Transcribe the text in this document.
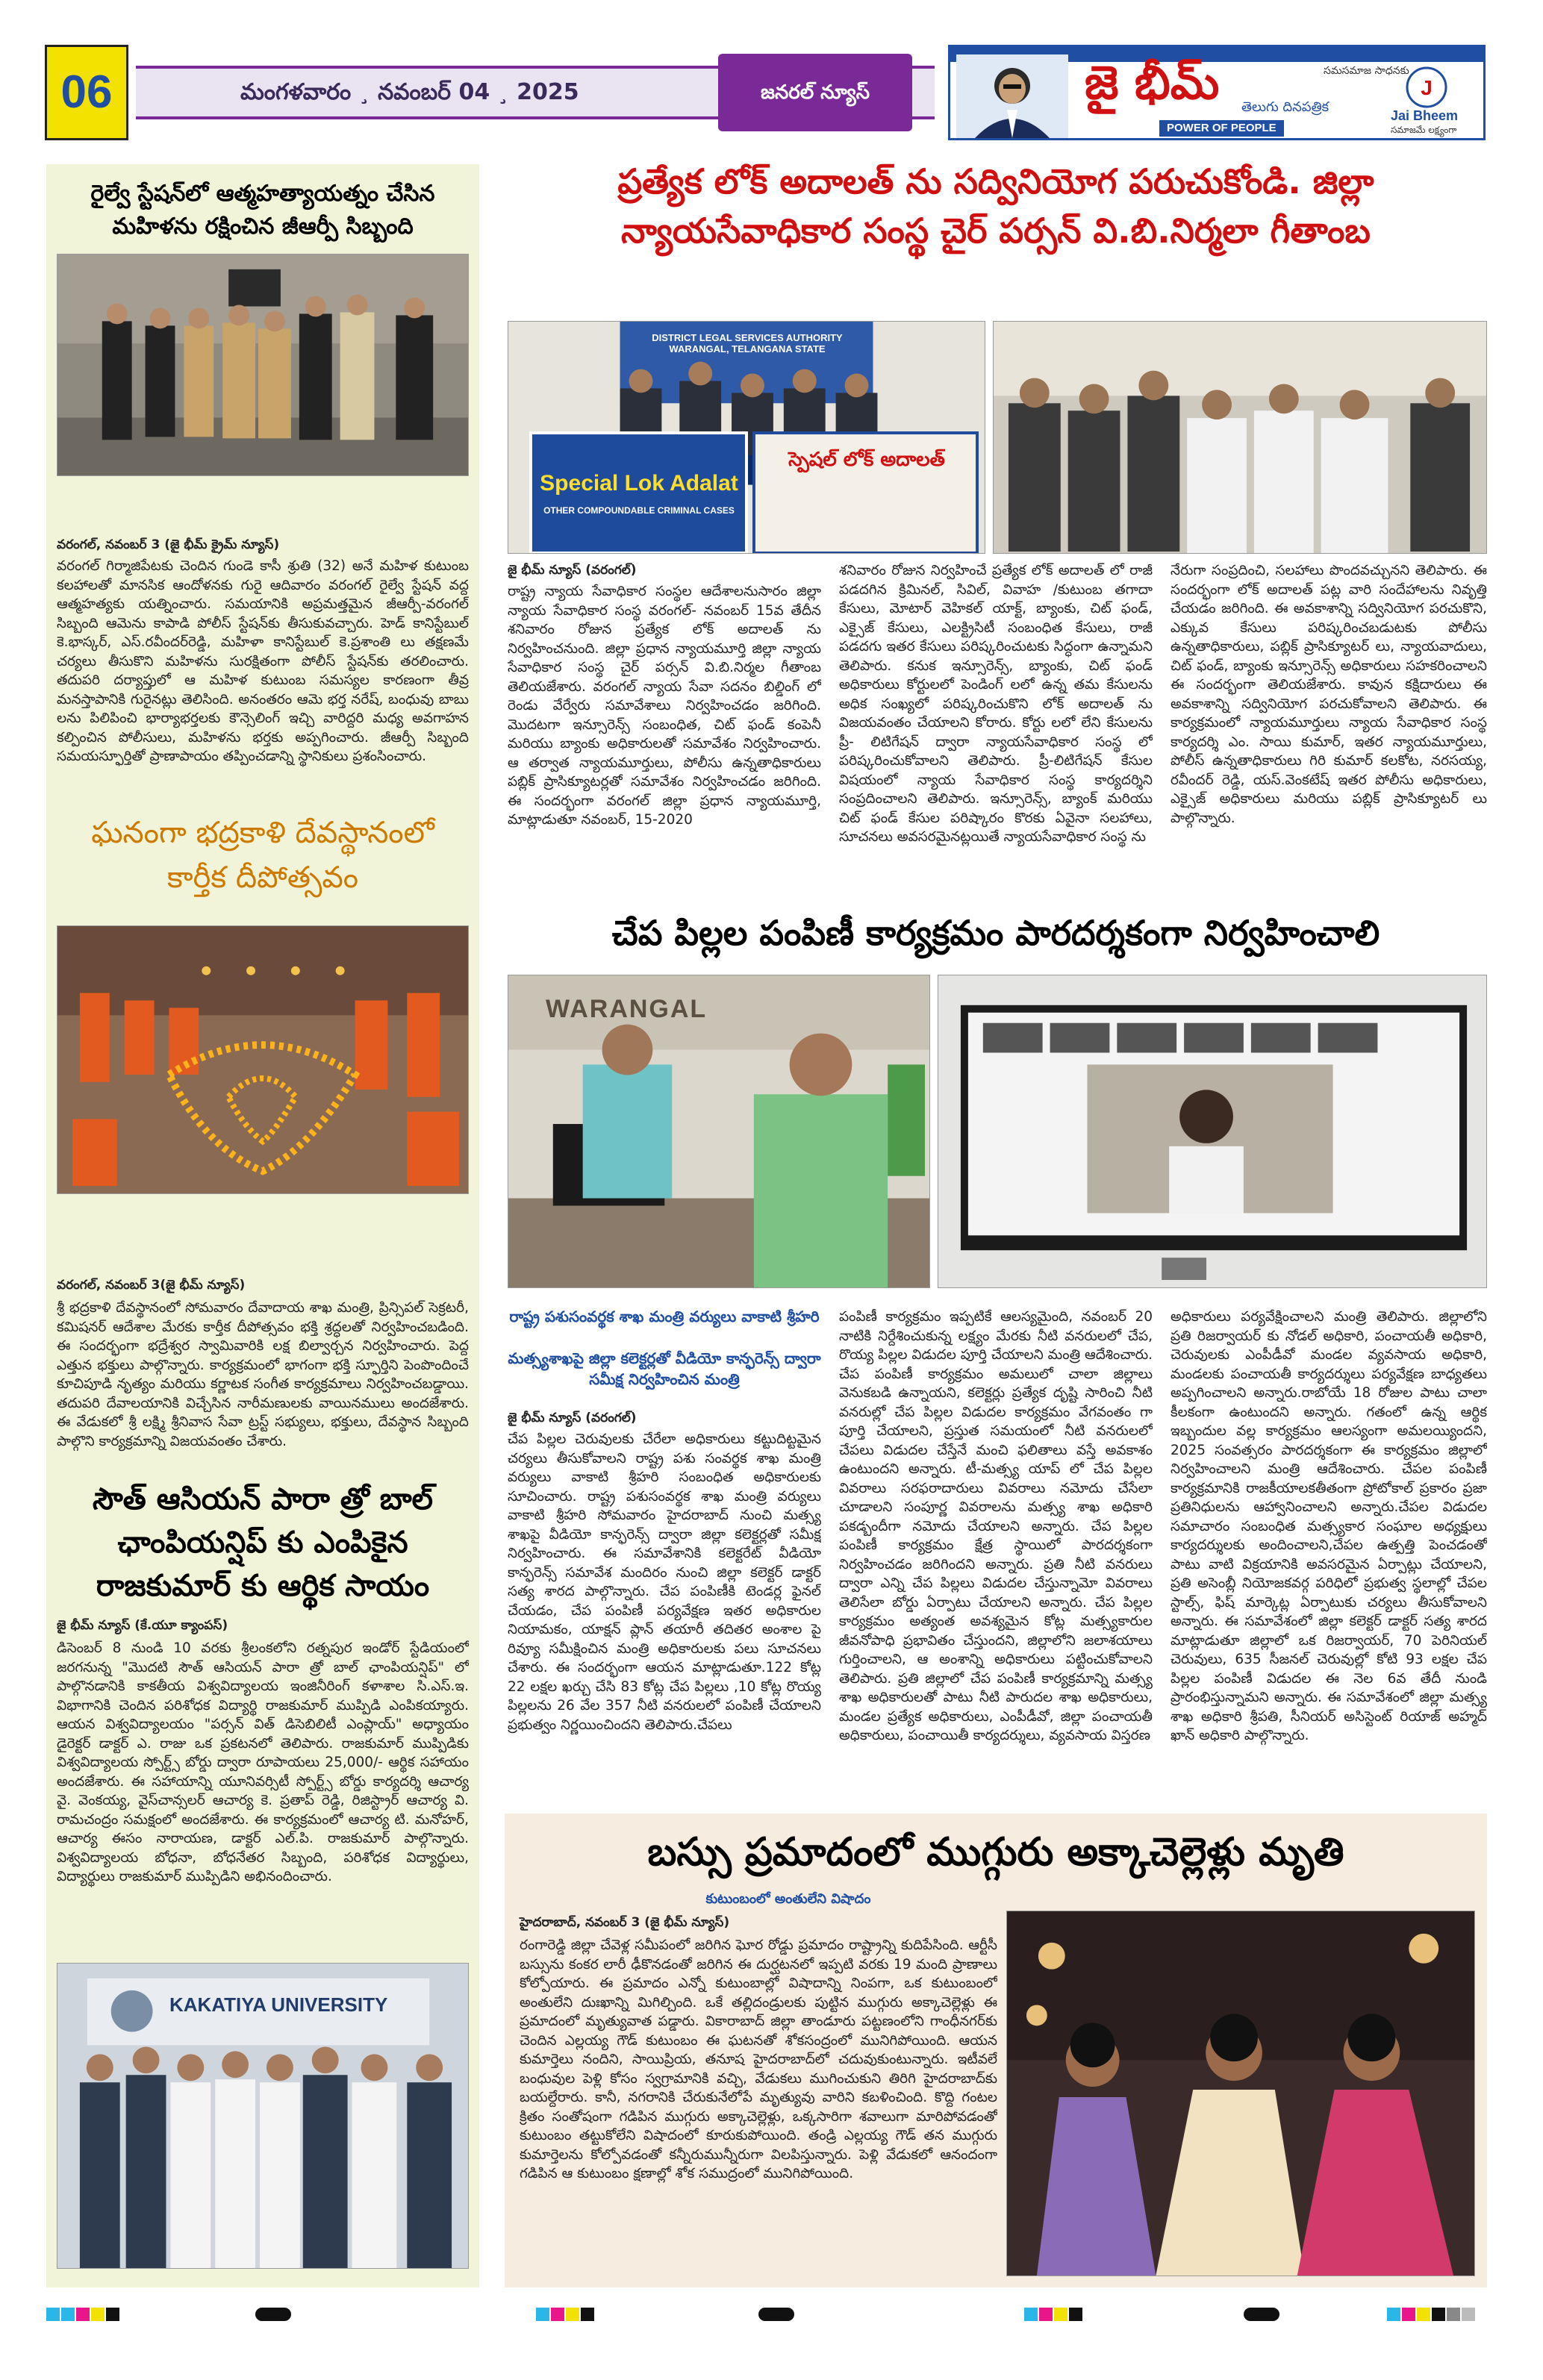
06	మంగళవారం ¸ నవంబర్ 04 ¸ 2025	జనరల్ న్యూస్	జై భీమ్	సమసమాజ సాధనకు
తెలుగు దినపత్రిక
POWER OF PEOPLE
J
Jai Bheem
సమాజమే లక్ష్యంగా
రైల్వే స్టేషన్‌లో ఆత్మహత్యాయత్నం చేసిన మహిళను రక్షించిన జీఆర్పీ సిబ్బంది
వరంగల్, నవంబర్ 3 (జై భీమ్ క్రైమ్ న్యూస్)
వరంగల్ గిర్మాజిపేటకు చెందిన గుండె కాసీ శ్రుతి (32) అనే మహిళ కుటుంబ కలహాలతో మానసిక ఆందోళనకు గురై ఆదివారం వరంగల్ రైల్వే స్టేషన్ వద్ద ఆత్మహత్యకు యత్నించారు. సమయానికి అప్రమత్తమైన జీఆర్పీ-వరంగల్ సిబ్బంది ఆమెను కాపాడి పోలీస్ స్టేషన్‌కు తీసుకువచ్చారు. హెడ్ కానిస్టేబుల్ కె.భాస్కర్, ఎస్.రవీందర్‌రెడ్డి, మహిళా కానిస్టేబుల్ కె.ప్రశాంతి లు తక్షణమే చర్యలు తీసుకొని మహిళను సురక్షితంగా పోలీస్ స్టేషన్‌కు తరలించారు. తదుపరి దర్యాప్తులో ఆ మహిళ కుటుంబ సమస్యల కారణంగా తీవ్ర మనస్తాపానికి గురైనట్లు తెలిసింది. అనంతరం ఆమె భర్త నరేష్, బంధువు బాబు లను పిలిపించి భార్యాభర్తలకు కౌన్సెలింగ్ ఇచ్చి వారిద్దరి మధ్య అవగాహన కల్పించిన పోలీసులు, మహిళను భర్తకు అప్పగించారు. జీఆర్పీ సిబ్బంది సమయస్ఫూర్తితో ప్రాణాపాయం తప్పించడాన్ని స్థానికులు ప్రశంసించారు.
ఘనంగా భద్రకాళి దేవస్థానంలో కార్తీక దీపోత్సవం
వరంగల్, నవంబర్ 3(జై భీమ్ న్యూస్)
శ్రీ భద్రకాళి దేవస్థానంలో సోమవారం దేవాదాయ శాఖ మంత్రి, ప్రిన్సిపల్ సెక్రటరీ, కమిషనర్ ఆదేశాల మేరకు కార్తీక దీపోత్సవం భక్తి శ్రద్ధలతో నిర్వహించబడింది. ఈ సందర్భంగా భద్రేశ్వర స్వామివారికి లక్ష బిల్వార్చన నిర్వహించారు. పెద్ద ఎత్తున భక్తులు పాల్గొన్నారు. కార్యక్రమంలో భాగంగా భక్తి స్ఫూర్తిని పెంపొందించే కూచిపూడి నృత్యం మరియు కర్ణాటక సంగీత కార్యక్రమాలు నిర్వహించబడ్డాయి. తదుపరి దేవాలయానికి విచ్చేసిన నారీమణులకు వాయినములు అందజేశారు. ఈ వేడుకలో శ్రీ లక్ష్మి శ్రీనివాస సేవా ట్రస్ట్ సభ్యులు, భక్తులు, దేవస్థాన సిబ్బంది పాల్గొని కార్యక్రమాన్ని విజయవంతం చేశారు.
సౌత్ ఆసియన్ పారా త్రో బాల్ ఛాంపియన్షిప్ కు ఎంపికైన రాజకుమార్ కు ఆర్థిక సాయం
జై భీమ్ న్యూస్ (కే.యూ క్యాంపస్)
డిసెంబర్ 8 నుండి 10 వరకు శ్రీలంకలోని రత్నపుర ఇండోర్ స్టేడియంలో జరగనున్న "మొదటి సౌత్ ఆసియన్ పారా త్రో బాల్ ఛాంపియన్షిప్" లో పాల్గొనడానికి కాకతీయ విశ్వవిద్యాలయ ఇంజినీరింగ్ కళాశాల సి.ఎస్.ఇ. విభాగానికి చెందిన పరిశోధక విద్యార్థి రాజకుమార్ ముప్పిడి ఎంపికయ్యారు. ఆయన విశ్వవిద్యాలయం "పర్సన్ విత్ డిసెబిలిటీ ఎంప్లాయ్" అధ్యాయం డైరెక్టర్ డాక్టర్ ఎ. రాజు ఒక ప్రకటనలో తెలిపారు. రాజకుమార్ ముప్పిడికు విశ్వవిద్యాలయ స్పోర్ట్స్ బోర్డు ద్వారా రూపాయలు 25,000/- ఆర్థిక సహాయం అందజేశారు. ఈ సహాయాన్ని యూనివర్సిటీ స్పోర్ట్స్ బోర్డు కార్యదర్శి ఆచార్య వై. వెంకయ్య, వైస్‌చాన్సలర్ ఆచార్య కె. ప్రతాప్ రెడ్డి, రిజిస్ట్రార్ ఆచార్య వి. రామచంద్రం సమక్షంలో అందజేశారు. ఈ కార్యక్రమంలో ఆచార్య టి. మనోహర్, ఆచార్య ఈసం నారాయణ, డాక్టర్ ఎల్.పి. రాజకుమార్ పాల్గొన్నారు. విశ్వవిద్యాలయ బోధనా, బోధనేతర సిబ్బంది, పరిశోధక విద్యార్థులు, విద్యార్థులు రాజకుమార్ ముప్పిడిని అభినందించారు.
KAKATIYA UNIVERSITY
ప్రత్యేక లోక్ అదాలత్ ను సద్వినియోగ పరుచుకోండి. జిల్లా న్యాయసేవాధికార సంస్థ చైర్ పర్సన్ వి.బి.నిర్మలా గీతాంబ
DISTRICT LEGAL SERVICES AUTHORITY WARANGAL, TELANGANA STATE
Special Lok Adalat
OTHER COMPOUNDABLE CRIMINAL CASES
స్పెషల్ లోక్ అదాలత్
జై భీమ్ న్యూస్ (వరంగల్)
రాష్ట్ర న్యాయ సేవాధికార సంస్థల ఆదేశాలనుసారం జిల్లా న్యాయ సేవాధికార సంస్థ వరంగల్- నవంబర్ 15వ తేదీన శనివారం రోజున ప్రత్యేక లోక్ అదాలత్ ను నిర్వహించనుంది. జిల్లా ప్రధాన న్యాయమూర్తి జిల్లా న్యాయ సేవాధికార సంస్థ చైర్ పర్సన్ వి.బి.నిర్మల గీతాంబ తెలియజేశారు. వరంగల్ న్యాయ సేవా సదనం బిల్డింగ్ లో రెండు వేర్వేరు సమావేశాలు నిర్వహించడం జరిగింది. మొదటగా ఇన్సూరెన్స్ సంబంధిత, చిట్ ఫండ్ కంపెనీ మరియు బ్యాంకు అధికారులతో సమావేశం నిర్వహించారు. ఆ తర్వాత న్యాయమూర్తులు, పోలీసు ఉన్నతాధికారులు పబ్లిక్ ప్రాసిక్యూటర్లతో సమావేశం నిర్వహించడం జరిగింది. ఈ సందర్భంగా వరంగల్ జిల్లా ప్రధాన న్యాయమూర్తి, మాట్లాడుతూ నవంబర్, 15-2020
శనివారం రోజున నిర్వహించే ప్రత్యేక లోక్ అదాలత్ లో రాజీ పడదగిన క్రిమినల్, సివిల్, వివాహ /కుటుంబ తగాదా కేసులు, మోటార్ వెహికల్ యాక్ట్, బ్యాంకు, చిట్ ఫండ్, ఎక్సైజ్ కేసులు, ఎలక్ట్రిసిటీ సంబంధిత కేసులు, రాజీ పడదగు ఇతర కేసులు పరిష్కరించుటకు సిద్ధంగా ఉన్నామని తెలిపారు. కనుక ఇన్సూరెన్స్, బ్యాంకు, చిట్ ఫండ్ అధికారులు కోర్టులలో పెండింగ్ లలో ఉన్న తమ కేసులను అధిక సంఖ్యలో పరిష్కరించుకొని లోక్ అదాలత్ ను విజయవంతం చేయాలని కోరారు. కోర్టు లలో లేని కేసులను ప్రీ- లిటిగేషన్ ద్వారా న్యాయసేవాధికార సంస్థ లో పరిష్కరించుకోవాలని తెలిపారు. ప్రీ-లిటిగేషన్ కేసుల విషయంలో న్యాయ సేవాధికార సంస్థ కార్యదర్శిని సంప్రదించాలని తెలిపారు. ఇన్సూరెన్స్, బ్యాంక్ మరియు చిట్ ఫండ్ కేసుల పరిష్కారం కొరకు ఏవైనా సలహాలు, సూచనలు అవసరమైనట్లయితే న్యాయసేవాధికార సంస్థ ను
నేరుగా సంప్రదించి, సలహాలు పొందవచ్చునని తెలిపారు. ఈ సందర్భంగా లోక్ అదాలత్ పట్ల వారి సందేహాలను నివృత్తి చేయడం జరిగింది. ఈ అవకాశాన్ని సద్వినియోగ పరచుకొని, ఎక్కువ కేసులు పరిష్కరించబడుటకు పోలీసు ఉన్నతాధికారులు, పబ్లిక్ ప్రాసిక్యూటర్ లు, న్యాయవాదులు, చిట్ ఫండ్, బ్యాంకు ఇన్సూరెన్స్ అధికారులు సహకరించాలని ఈ సందర్భంగా తెలియజేశారు. కావున కక్షిదారులు ఈ అవకాశాన్ని సద్వినియోగ పరచుకోవాలని తెలిపారు. ఈ కార్యక్రమంలో న్యాయమూర్తులు న్యాయ సేవాధికార సంస్థ కార్యదర్శి ఎం. సాయి కుమార్, ఇతర న్యాయమూర్తులు, పోలీస్ ఉన్నతాధికారులు గిరి కుమార్ కలకోట, నరసయ్య, రవీందర్ రెడ్డి, యస్.వెంకటేష్ ఇతర పోలీసు అధికారులు, ఎక్సైజ్ అధికారులు మరియు పబ్లిక్ ప్రాసిక్యూటర్ లు పాల్గొన్నారు.
చేప పిల్లల పంపిణీ కార్యక్రమం పారదర్శకంగా నిర్వహించాలి
WARANGAL
రాష్ట్ర పశుసంవర్థక శాఖ మంత్రి వర్యులు వాకాటి శ్రీహరి
మత్స్యశాఖపై జిల్లా కలెక్టర్లతో వీడియో కాన్ఫరెన్స్ ద్వారా సమీక్ష నిర్వహించిన మంత్రి
జై భీమ్ న్యూస్ (వరంగల్)
చేప పిల్లల చెరువులకు చేరేలా అధికారులు కట్టుదిట్టమైన చర్యలు తీసుకోవాలని రాష్ట్ర పశు సంవర్థక శాఖ మంత్రి వర్యులు వాకాటి శ్రీహరి సంబంధిత అధికారులకు సూచించారు. రాష్ట్ర పశుసంవర్థక శాఖ మంత్రి వర్యులు వాకాటి శ్రీహరి సోమవారం హైదరాబాద్ నుంచి మత్స్య శాఖపై వీడియో కాన్ఫరెన్స్ ద్వారా జిల్లా కలెక్టర్లతో సమీక్ష నిర్వహించారు. ఈ సమావేశానికి కలెక్టరేట్ వీడియో కాన్ఫరెన్స్ సమావేశ మందిరం నుంచి జిల్లా కలెక్టర్ డాక్టర్ సత్య శారద పాల్గొన్నారు. చేప పంపిణీకి టెండర్ల ఫైనల్ చేయడం, చేప పంపిణీ పర్యవేక్షణ ఇతర అధికారుల నియామకం, యాక్షన్ ప్లాన్ తయారీ తదితర అంశాల పై రివ్యూ సమీక్షించిన మంత్రి అధికారులకు పలు సూచనలు చేశారు. ఈ సందర్భంగా ఆయన మాట్లాడుతూ.122 కోట్ల 22 లక్షల ఖర్చు చేసి 83 కోట్ల చేప పిల్లలు ,10 కోట్ల రొయ్య పిల్లలను 26 వేల 357 నీటి వనరులలో పంపిణీ చేయాలని ప్రభుత్వం నిర్ణయించిందని తెలిపారు.చేపలు
పంపిణీ కార్యక్రమం ఇప్పటికే ఆలస్యమైంది, నవంబర్ 20 నాటికి నిర్దేశించుకున్న లక్ష్యం మేరకు నీటి వనరులలో చేప, రొయ్య పిల్లల విడుదల పూర్తి చేయాలని మంత్రి ఆదేశించారు. చేప పంపిణీ కార్యక్రమం అమలులో చాలా జిల్లాలు వెనుకబడి ఉన్నాయని, కలెక్టర్లు ప్రత్యేక దృష్టి సారించి నీటి వనరుల్లో చేప పిల్లల విడుదల కార్యక్రమం వేగవంతం గా పూర్తి చేయాలని, ప్రస్తుత సమయంలో నీటి వనరులలో చేపలు విడుదల చేస్తేనే మంచి ఫలితాలు వస్తే అవకాశం ఉంటుందని అన్నారు. టీ-మత్స్య యాప్ లో చేప పిల్లల వివరాలు సరఫరాదారులు వివరాలు నమోదు చేసేలా చూడాలని సంపూర్ణ వివరాలను మత్స్య శాఖ అధికారి పకడ్బందీగా నమోదు చేయాలని అన్నారు. చేప పిల్లల పంపిణీ కార్యక్రమం క్షేత్ర స్థాయిలో పారదర్శకంగా నిర్వహించడం జరిగిందని అన్నారు. ప్రతి నీటి వనరులు ద్వారా ఎన్ని చేప పిల్లలు విడుదల చేస్తున్నామో వివరాలు తెలిసేలా బోర్డు ఏర్పాటు చేయాలని అన్నారు. చేప పిల్లల కార్యక్రమం అత్యంత అవశ్యమైన కోట్ల మత్స్యకారుల జీవనోపాధి ప్రభావితం చేస్తుందని, జిల్లాలోని జలాశయాలు గుర్తించాలని, ఆ అంశాన్ని అధికారులు పట్టించుకోవాలని తెలిపారు. ప్రతి జిల్లాలో చేప పంపిణీ కార్యక్రమాన్ని మత్స్య శాఖ అధికారులతో పాటు నీటి పారుదల శాఖ అధికారులు, మండల ప్రత్యేక అధికారులు, ఎంపీడీవో, జిల్లా పంచాయతీ అధికారులు, పంచాయితీ కార్యదర్శులు, వ్యవసాయ విస్తరణ
అధికారులు పర్యవేక్షించాలని మంత్రి తెలిపారు. జిల్లాలోని ప్రతి రిజర్వాయర్ కు నోడల్ అధికారి, పంచాయతీ అధికారి, చెరువులకు ఎంపీడీవో మండల వ్యవసాయ అధికారి, మండలకు పంచాయతీ కార్యదర్శులు పర్యవేక్షణ బాధ్యతలు అప్పగించాలని అన్నారు.రాబోయే 18 రోజుల పాటు చాలా కీలకంగా ఉంటుందని అన్నారు. గతంలో ఉన్న ఆర్థిక ఇబ్బందుల వల్ల కార్యక్రమం ఆలస్యంగా అమలయ్యిందని, 2025 సంవత్సరం పారదర్శకంగా ఈ కార్యక్రమం జిల్లాలో నిర్వహించాలని మంత్రి ఆదేశించారు. చేపల పంపిణీ కార్యక్రమానికి రాజకీయాలకతీతంగా ప్రోటోకాల్ ప్రకారం ప్రజా ప్రతినిధులను ఆహ్వానించాలని అన్నారు.చేపల విడుదల సమాచారం సంబంధిత మత్స్యకార సంఘాల అధ్యక్షులు కార్యదర్శులకు అందించాలని,చేపల ఉత్పత్తి పెంచడంతో పాటు వాటి విక్రయానికి అవసరమైన ఏర్పాట్లు చేయాలని, ప్రతి అసెంబ్లీ నియోజకవర్గ పరిధిలో ప్రభుత్వ స్థలాల్లో చేపల స్టాల్స్, ఫిష్ మార్కెట్ల ఏర్పాటుకు చర్యలు తీసుకోవాలని అన్నారు. ఈ సమావేశంలో జిల్లా కలెక్టర్ డాక్టర్ సత్య శారద మాట్లాడుతూ జిల్లాలో ఒక రిజర్వాయర్, 70 పెరినియల్ చెరువులు, 635 సీజనల్ చెరువుల్లో కోటి 93 లక్షల చేప పిల్లల పంపిణీ విడుదల ఈ నెల 6వ తేదీ నుండి ప్రారంభిస్తున్నామని అన్నారు. ఈ సమావేశంలో జిల్లా మత్స్య శాఖ అధికారి శ్రీపతి, సీనియర్ అసిస్టెంట్ రియాజ్ అహ్మద్ ఖాన్ అధికారి పాల్గొన్నారు.
బస్సు ప్రమాదంలో ముగ్గురు అక్కాచెల్లెళ్లు మృతి
కుటుంబంలో అంతులేని విషాదం
హైదరాబాద్, నవంబర్ 3 (జై భీమ్ న్యూస్)
రంగారెడ్డి జిల్లా చేవెళ్ల సమీపంలో జరిగిన ఘోర రోడ్డు ప్రమాదం రాష్ట్రాన్ని కుదిపేసింది. ఆర్టీసీ బస్సును కంకర లారీ ఢీకొనడంతో జరిగిన ఈ దుర్ఘటనలో ఇప్పటి వరకు 19 మంది ప్రాణాలు కోల్పోయారు. ఈ ప్రమాదం ఎన్నో కుటుంబాల్లో విషాదాన్ని నింపగా, ఒక కుటుంబంలో అంతులేని దుఃఖాన్ని మిగిల్చింది. ఒకే తల్లిదండ్రులకు పుట్టిన ముగ్గురు అక్కాచెల్లెళ్లు ఈ ప్రమాదంలో మృత్యువాత పడ్డారు. వికారాబాద్ జిల్లా తాండూరు పట్టణంలోని గాంధీనగర్‌కు చెందిన ఎల్లయ్య గౌడ్ కుటుంబం ఈ ఘటనతో శోకసంద్రంలో మునిగిపోయింది. ఆయన కుమార్తెలు నందిని, సాయిప్రియ, తనూష హైదరాబాద్‌లో చదువుకుంటున్నారు. ఇటీవలే బంధువుల పెళ్లి కోసం స్వగ్రామానికి వచ్చి, వేడుకలు ముగించుకుని తిరిగి హైదరాబాద్‌కు బయల్దేరారు. కానీ, నగరానికి చేరుకునేలోపే మృత్యువు వారిని కబళించింది. కొద్ది గంటల క్రితం సంతోషంగా గడిపిన ముగ్గురు అక్కాచెల్లెళ్లు, ఒక్కసారిగా శవాలుగా మారిపోవడంతో కుటుంబం తట్టుకోలేని విషాదంలో కూరుకుపోయింది. తండ్రి ఎల్లయ్య గౌడ్ తన ముగ్గురు కుమార్తెలను కోల్పోవడంతో కన్నీరుమున్నీరుగా విలపిస్తున్నారు. పెళ్లి వేడుకలో ఆనందంగా గడిపిన ఆ కుటుంబం క్షణాల్లో శోక సముద్రంలో మునిగిపోయింది.
